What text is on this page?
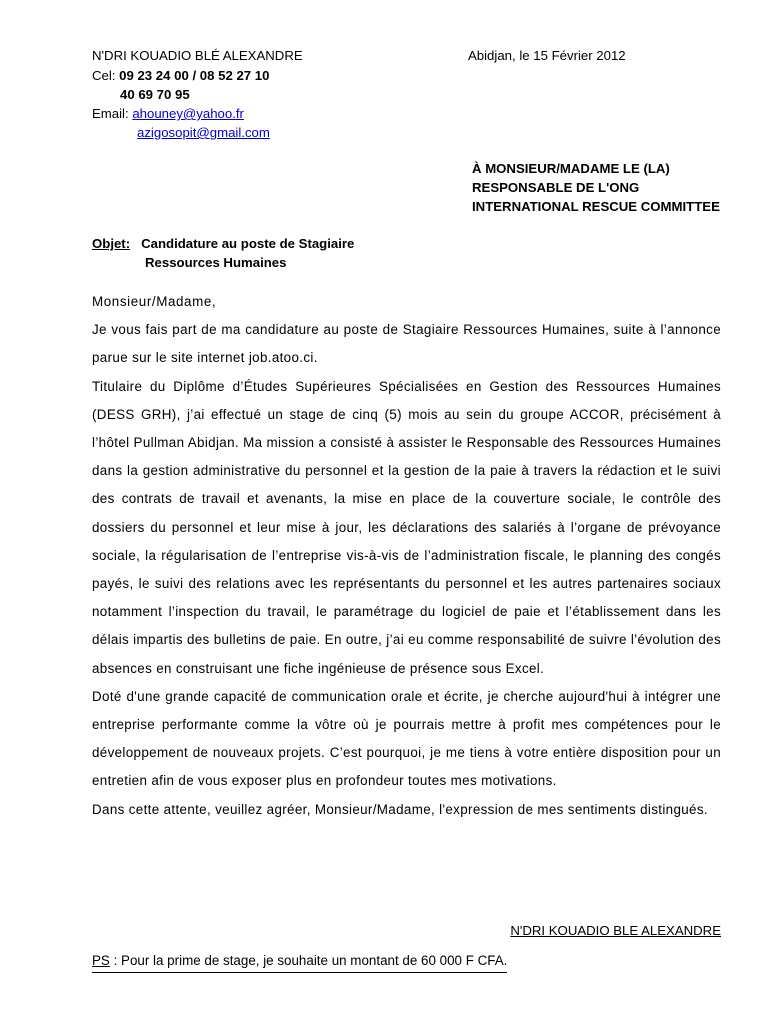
N'DRI KOUADIO BLÉ ALEXANDRE
Cel: 09 23 24 00 / 08 52 27 10
40 69 70 95
Email: ahouney@yahoo.fr
azigosopit@gmail.com
Abidjan, le 15 Février 2012
À MONSIEUR/MADAME LE (LA)
RESPONSABLE DE L'ONG
INTERNATIONAL RESCUE COMMITTEE
Objet: Candidature au poste de Stagiaire
Ressources Humaines

Monsieur/Madame,

Je vous fais part de ma candidature au poste de Stagiaire Ressources Humaines, suite à l’annonce parue sur le site internet job.atoo.ci.

Titulaire du Diplôme d’Études Supérieures Spécialisées en Gestion des Ressources Humaines (DESS GRH), j’ai effectué un stage de cinq (5) mois au sein du groupe ACCOR, précisément à l’hôtel Pullman Abidjan. Ma mission a consisté à assister le Responsable des Ressources Humaines dans la gestion administrative du personnel et la gestion de la paie à travers la rédaction et le suivi des contrats de travail et avenants, la mise en place de la couverture sociale, le contrôle des dossiers du personnel et leur mise à jour, les déclarations des salariés à l’organe de prévoyance sociale, la régularisation de l’entreprise vis-à-vis de l’administration fiscale, le planning des congés payés, le suivi des relations avec les représentants du personnel et les autres partenaires sociaux notamment l’inspection du travail, le paramétrage du logiciel de paie et l’établissement dans les délais impartis des bulletins de paie. En outre, j’ai eu comme responsabilité de suivre l’évolution des absences en construisant une fiche ingénieuse de présence sous Excel.

Doté d'une grande capacité de communication orale et écrite, je cherche aujourd'hui à intégrer une entreprise performante comme la vôtre où je pourrais mettre à profit mes compétences pour le développement de nouveaux projets. C’est pourquoi, je me tiens à votre entière disposition pour un entretien afin de vous exposer plus en profondeur toutes mes motivations.

Dans cette attente, veuillez agréer, Monsieur/Madame, l'expression de mes sentiments distingués.

N'DRI KOUADIO BLE ALEXANDRE
PS : Pour la prime de stage, je souhaite un montant de 60 000 F CFA.
